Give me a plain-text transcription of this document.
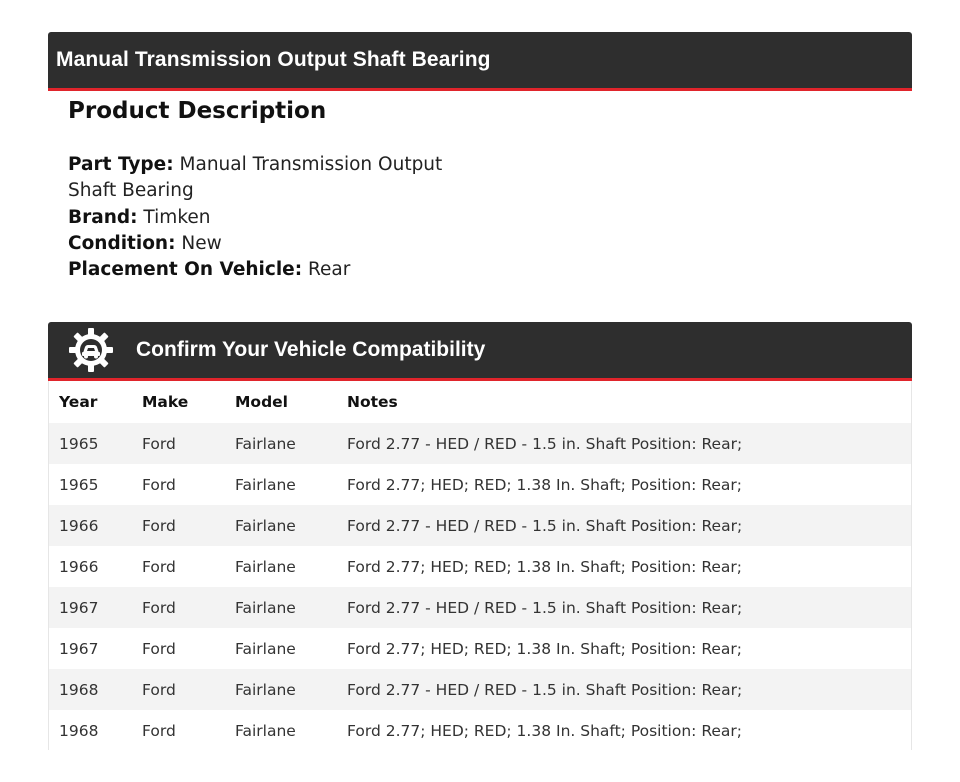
Manual Transmission Output Shaft Bearing
Product Description
Part Type: Manual Transmission Output Shaft Bearing
Brand: Timken
Condition: New
Placement On Vehicle: Rear
Confirm Your Vehicle Compatibility
Year	Make	Model	Notes
1965	Ford	Fairlane	Ford 2.77 - HED / RED - 1.5 in. Shaft Position: Rear;
1965	Ford	Fairlane	Ford 2.77; HED; RED; 1.38 In. Shaft; Position: Rear;
1966	Ford	Fairlane	Ford 2.77 - HED / RED - 1.5 in. Shaft Position: Rear;
1966	Ford	Fairlane	Ford 2.77; HED; RED; 1.38 In. Shaft; Position: Rear;
1967	Ford	Fairlane	Ford 2.77 - HED / RED - 1.5 in. Shaft Position: Rear;
1967	Ford	Fairlane	Ford 2.77; HED; RED; 1.38 In. Shaft; Position: Rear;
1968	Ford	Fairlane	Ford 2.77 - HED / RED - 1.5 in. Shaft Position: Rear;
1968	Ford	Fairlane	Ford 2.77; HED; RED; 1.38 In. Shaft; Position: Rear;
